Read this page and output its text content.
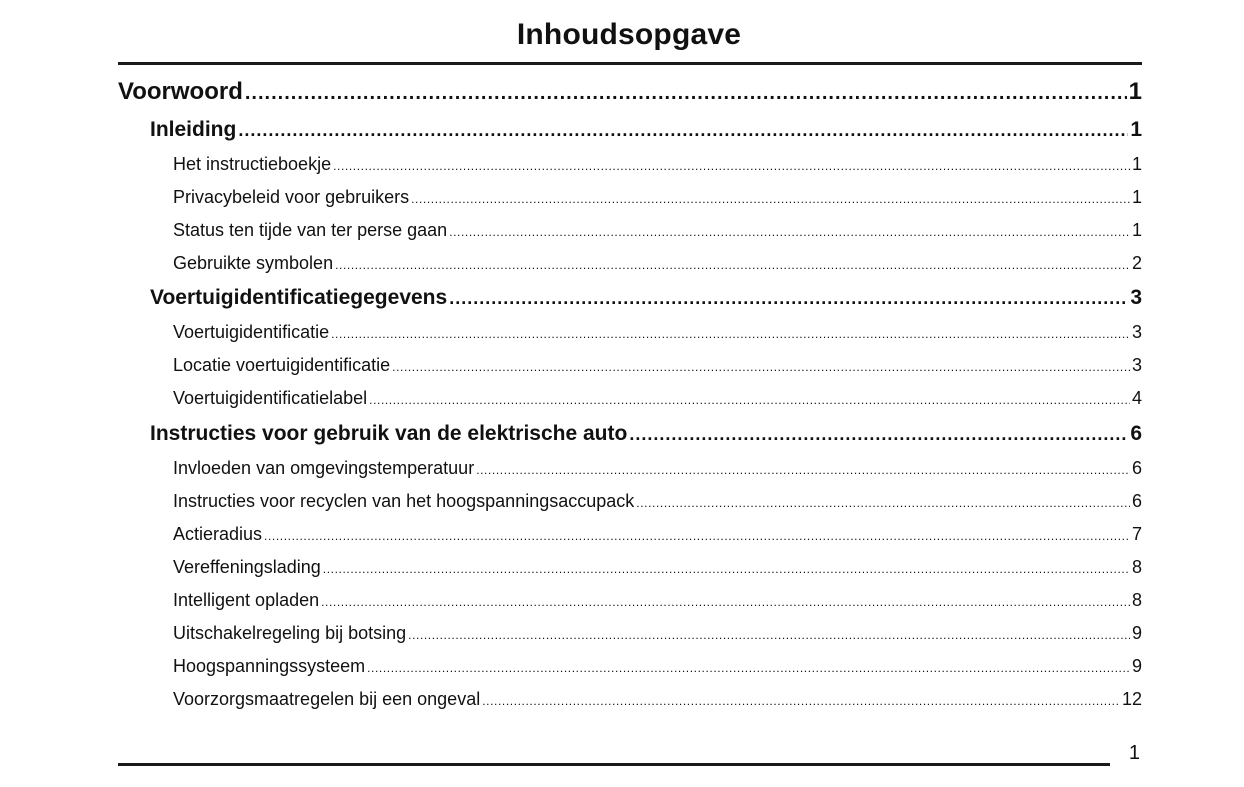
Inhoudsopgave
Voorwoord .....	1
Inleiding .....	1
Het instructieboekje .....	1
Privacybeleid voor gebruikers .....	1
Status ten tijde van ter perse gaan .....	1
Gebruikte symbolen .....	2
Voertuigidentificatiegegevens .....	3
Voertuigidentificatie .....	3
Locatie voertuigidentificatie .....	3
Voertuigidentificatielabel .....	4
Instructies voor gebruik van de elektrische auto .....	6
Invloeden van omgevingstemperatuur .....	6
Instructies voor recyclen van het hoogspanningsaccupack .....	6
Actieradius .....	7
Vereffeningslading .....	8
Intelligent opladen .....	8
Uitschakelregeling bij botsing .....	9
Hoogspanningssysteem .....	9
Voorzorgsmaatregelen bij een ongeval .....	12
1
